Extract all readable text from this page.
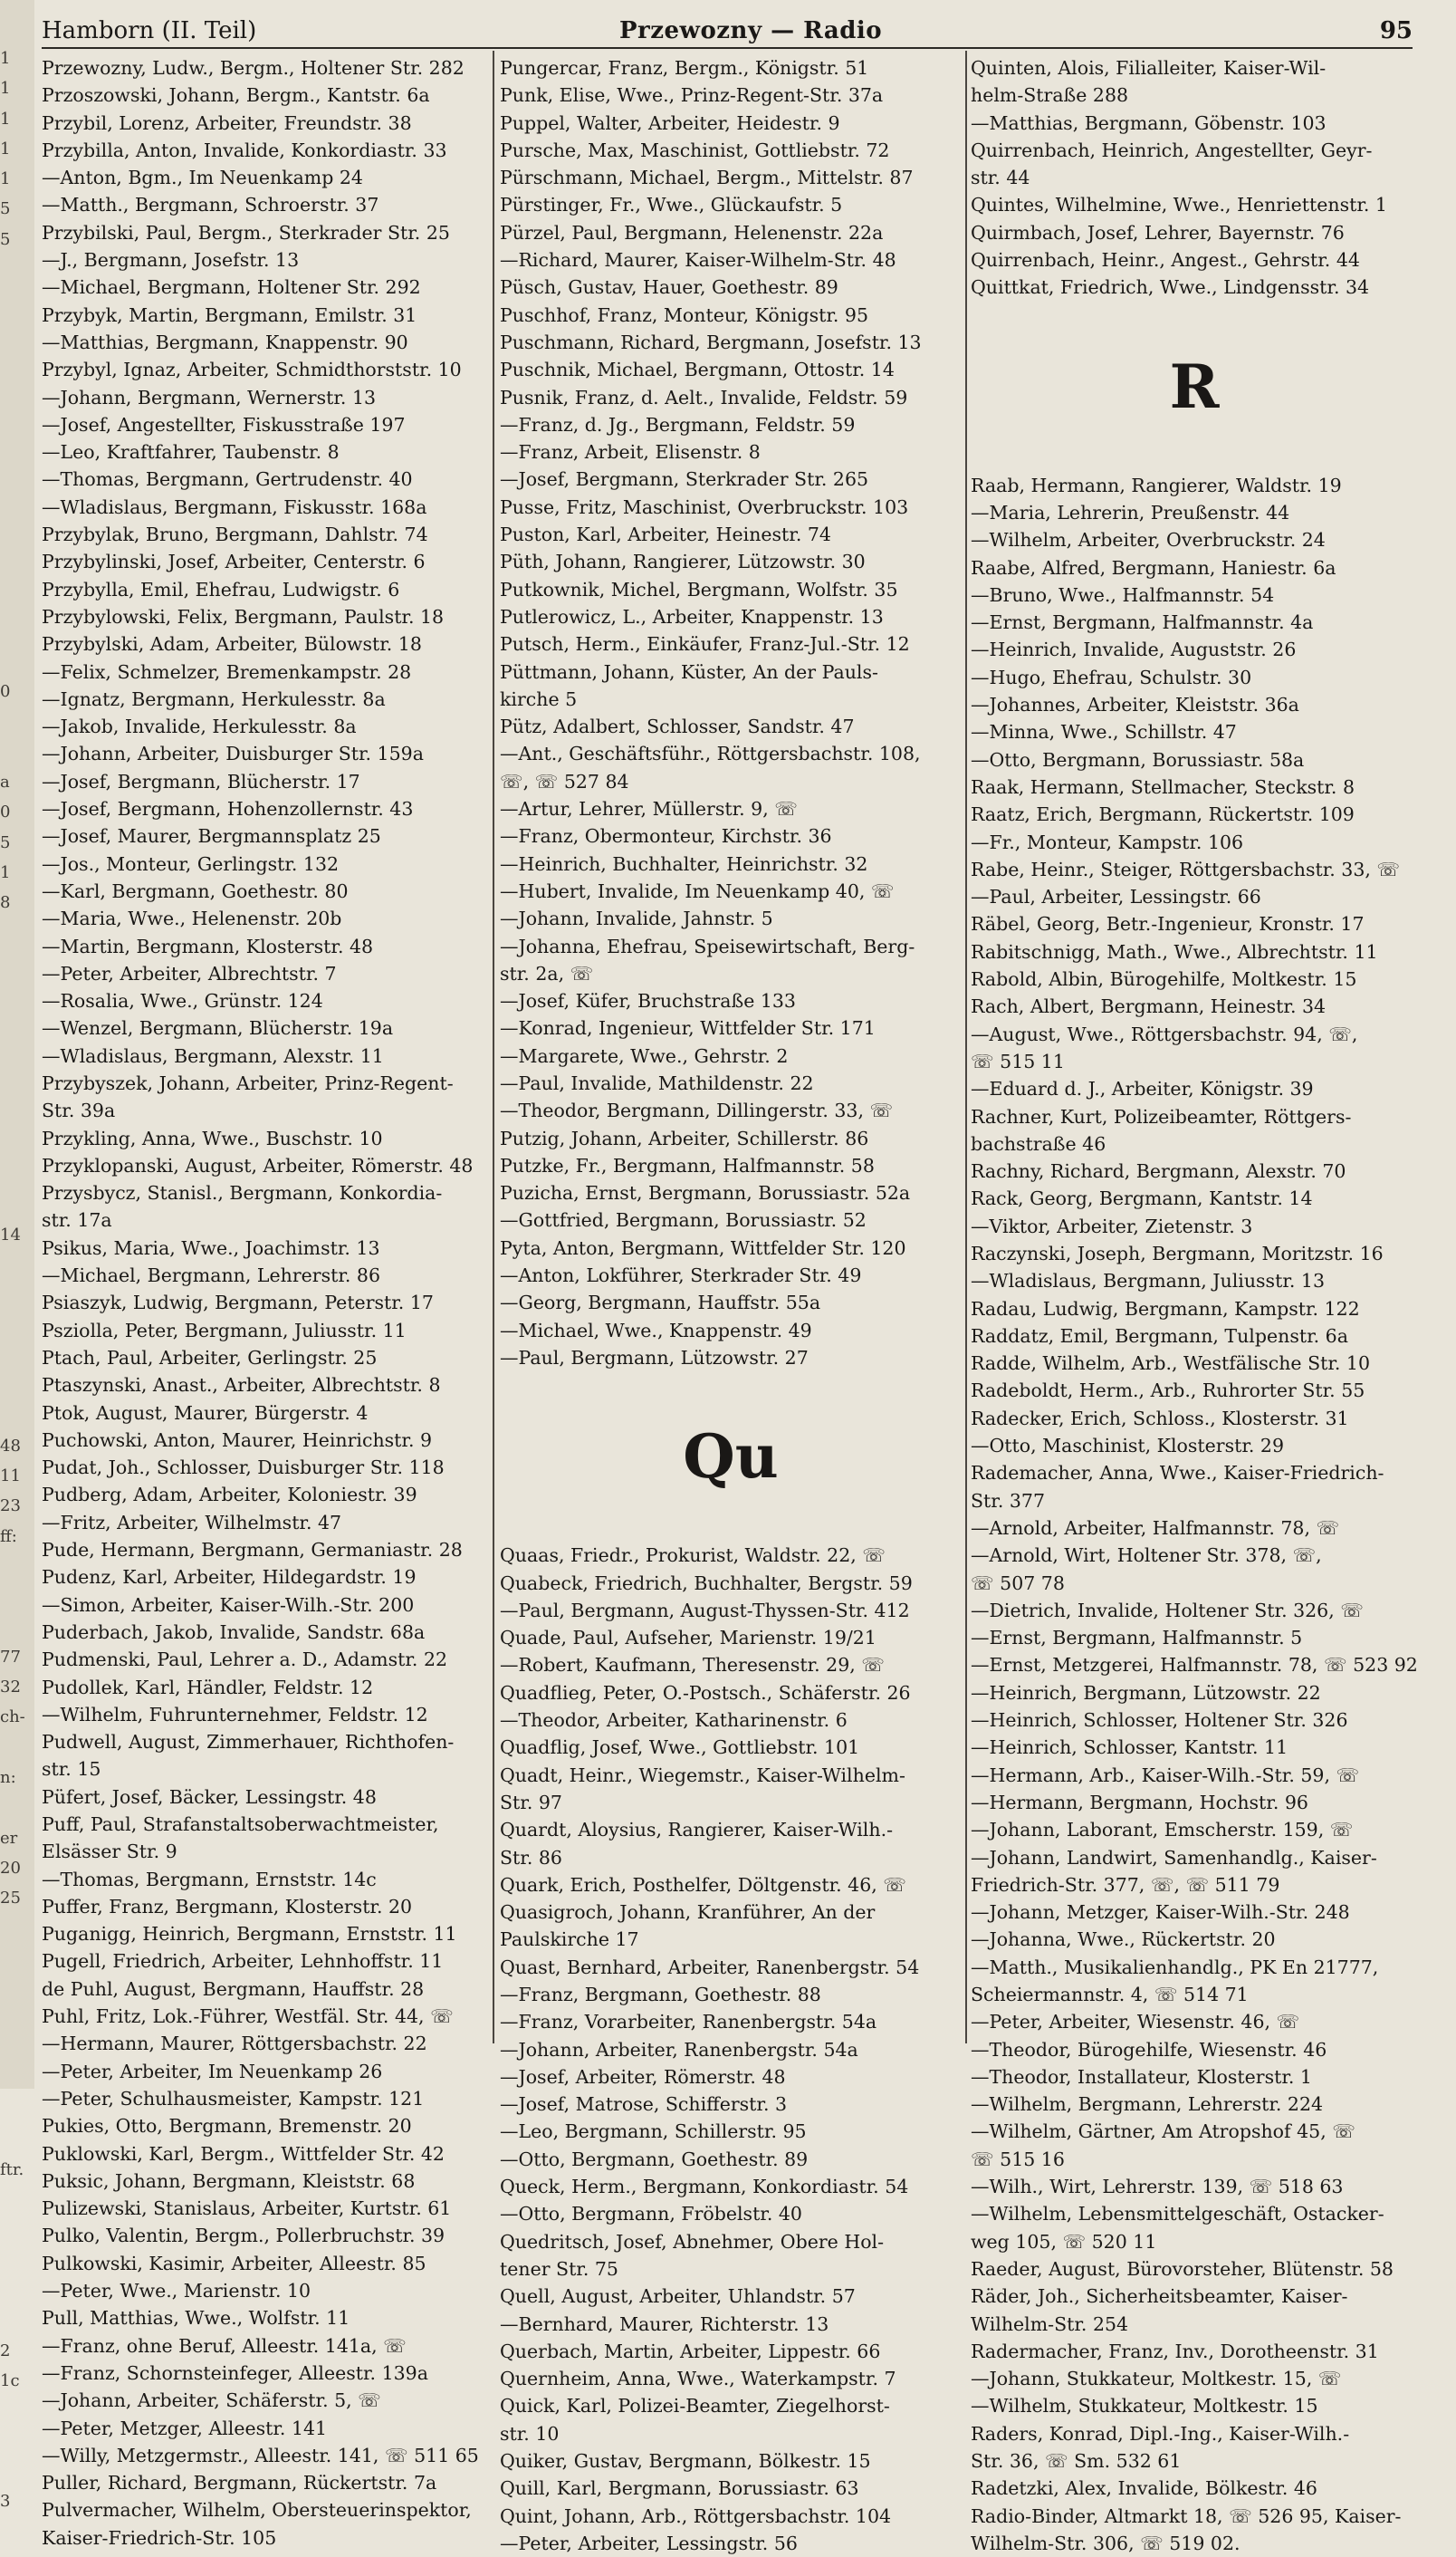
1
1
1
1
1
5
5
0
a
0
5
1
8
14
48
11
23
ff:
77
32
ch-
n:
er
20
25
ftr.
2
1c
3
Hamborn (II. Teil)	Przewozny — Radio	95
Przewozny, Ludw., Bergm., Holtener Str. 282
Przoszowski, Johann, Bergm., Kantstr. 6a
Przybil, Lorenz, Arbeiter, Freundstr. 38
Przybilla, Anton, Invalide, Konkordiastr. 33
—Anton, Bgm., Im Neuenkamp 24
—Matth., Bergmann, Schroerstr. 37
Przybilski, Paul, Bergm., Sterkrader Str. 25
—J., Bergmann, Josefstr. 13
—Michael, Bergmann, Holtener Str. 292
Przybyk, Martin, Bergmann, Emilstr. 31
—Matthias, Bergmann, Knappenstr. 90
Przybyl, Ignaz, Arbeiter, Schmidthorststr. 10
—Johann, Bergmann, Wernerstr. 13
—Josef, Angestellter, Fiskusstraße 197
—Leo, Kraftfahrer, Taubenstr. 8
—Thomas, Bergmann, Gertrudenstr. 40
—Wladislaus, Bergmann, Fiskusstr. 168a
Przybylak, Bruno, Bergmann, Dahlstr. 74
Przybylinski, Josef, Arbeiter, Centerstr. 6
Przybylla, Emil, Ehefrau, Ludwigstr. 6
Przybylowski, Felix, Bergmann, Paulstr. 18
Przybylski, Adam, Arbeiter, Bülowstr. 18
—Felix, Schmelzer, Bremenkampstr. 28
—Ignatz, Bergmann, Herkulesstr. 8a
—Jakob, Invalide, Herkulesstr. 8a
—Johann, Arbeiter, Duisburger Str. 159a
—Josef, Bergmann, Blücherstr. 17
—Josef, Bergmann, Hohenzollernstr. 43
—Josef, Maurer, Bergmannsplatz 25
—Jos., Monteur, Gerlingstr. 132
—Karl, Bergmann, Goethestr. 80
—Maria, Wwe., Helenenstr. 20b
—Martin, Bergmann, Klosterstr. 48
—Peter, Arbeiter, Albrechtstr. 7
—Rosalia, Wwe., Grünstr. 124
—Wenzel, Bergmann, Blücherstr. 19a
—Wladislaus, Bergmann, Alexstr. 11
Przybyszek, Johann, Arbeiter, Prinz-Regent-
Str. 39a
Przykling, Anna, Wwe., Buschstr. 10
Przyklopanski, August, Arbeiter, Römerstr. 48
Przysbycz, Stanisl., Bergmann, Konkordia-
str. 17a
Psikus, Maria, Wwe., Joachimstr. 13
—Michael, Bergmann, Lehrerstr. 86
Psiaszyk, Ludwig, Bergmann, Peterstr. 17
Psziolla, Peter, Bergmann, Juliusstr. 11
Ptach, Paul, Arbeiter, Gerlingstr. 25
Ptaszynski, Anast., Arbeiter, Albrechtstr. 8
Ptok, August, Maurer, Bürgerstr. 4
Puchowski, Anton, Maurer, Heinrichstr. 9
Pudat, Joh., Schlosser, Duisburger Str. 118
Pudberg, Adam, Arbeiter, Koloniestr. 39
—Fritz, Arbeiter, Wilhelmstr. 47
Pude, Hermann, Bergmann, Germaniastr. 28
Pudenz, Karl, Arbeiter, Hildegardstr. 19
—Simon, Arbeiter, Kaiser-Wilh.-Str. 200
Puderbach, Jakob, Invalide, Sandstr. 68a
Pudmenski, Paul, Lehrer a. D., Adamstr. 22
Pudollek, Karl, Händler, Feldstr. 12
—Wilhelm, Fuhrunternehmer, Feldstr. 12
Pudwell, August, Zimmerhauer, Richthofen-
str. 15
Püfert, Josef, Bäcker, Lessingstr. 48
Puff, Paul, Strafanstaltsoberwachtmeister,
Elsässer Str. 9
—Thomas, Bergmann, Ernststr. 14c
Puffer, Franz, Bergmann, Klosterstr. 20
Puganigg, Heinrich, Bergmann, Ernststr. 11
Pugell, Friedrich, Arbeiter, Lehnhoffstr. 11
de Puhl, August, Bergmann, Hauffstr. 28
Puhl, Fritz, Lok.-Führer, Westfäl. Str. 44, ☏
—Hermann, Maurer, Röttgersbachstr. 22
—Peter, Arbeiter, Im Neuenkamp 26
—Peter, Schulhausmeister, Kampstr. 121
Pukies, Otto, Bergmann, Bremenstr. 20
Puklowski, Karl, Bergm., Wittfelder Str. 42
Puksic, Johann, Bergmann, Kleiststr. 68
Pulizewski, Stanislaus, Arbeiter, Kurtstr. 61
Pulko, Valentin, Bergm., Pollerbruchstr. 39
Pulkowski, Kasimir, Arbeiter, Alleestr. 85
—Peter, Wwe., Marienstr. 10
Pull, Matthias, Wwe., Wolfstr. 11
—Franz, ohne Beruf, Alleestr. 141a, ☏
—Franz, Schornsteinfeger, Alleestr. 139a
—Johann, Arbeiter, Schäferstr. 5, ☏
—Peter, Metzger, Alleestr. 141
—Willy, Metzgermstr., Alleestr. 141, ☏ 511 65
Puller, Richard, Bergmann, Rückertstr. 7a
Pulvermacher, Wilhelm, Obersteuerinspektor,
Kaiser-Friedrich-Str. 105
Pungercar, Franz, Bergm., Königstr. 51
Punk, Elise, Wwe., Prinz-Regent-Str. 37a
Puppel, Walter, Arbeiter, Heidestr. 9
Pursche, Max, Maschinist, Gottliebstr. 72
Pürschmann, Michael, Bergm., Mittelstr. 87
Pürstinger, Fr., Wwe., Glückaufstr. 5
Pürzel, Paul, Bergmann, Helenenstr. 22a
—Richard, Maurer, Kaiser-Wilhelm-Str. 48
Püsch, Gustav, Hauer, Goethestr. 89
Puschhof, Franz, Monteur, Königstr. 95
Puschmann, Richard, Bergmann, Josefstr. 13
Puschnik, Michael, Bergmann, Ottostr. 14
Pusnik, Franz, d. Aelt., Invalide, Feldstr. 59
—Franz, d. Jg., Bergmann, Feldstr. 59
—Franz, Arbeit, Elisenstr. 8
—Josef, Bergmann, Sterkrader Str. 265
Pusse, Fritz, Maschinist, Overbruckstr. 103
Puston, Karl, Arbeiter, Heinestr. 74
Püth, Johann, Rangierer, Lützowstr. 30
Putkownik, Michel, Bergmann, Wolfstr. 35
Putlerowicz, L., Arbeiter, Knappenstr. 13
Putsch, Herm., Einkäufer, Franz-Jul.-Str. 12
Püttmann, Johann, Küster, An der Pauls-
kirche 5
Pütz, Adalbert, Schlosser, Sandstr. 47
—Ant., Geschäftsführ., Röttgersbachstr. 108,
☏, ☏ 527 84
—Artur, Lehrer, Müllerstr. 9, ☏
—Franz, Obermonteur, Kirchstr. 36
—Heinrich, Buchhalter, Heinrichstr. 32
—Hubert, Invalide, Im Neuenkamp 40, ☏
—Johann, Invalide, Jahnstr. 5
—Johanna, Ehefrau, Speisewirtschaft, Berg-
str. 2a, ☏
—Josef, Küfer, Bruchstraße 133
—Konrad, Ingenieur, Wittfelder Str. 171
—Margarete, Wwe., Gehrstr. 2
—Paul, Invalide, Mathildenstr. 22
—Theodor, Bergmann, Dillingerstr. 33, ☏
Putzig, Johann, Arbeiter, Schillerstr. 86
Putzke, Fr., Bergmann, Halfmannstr. 58
Puzicha, Ernst, Bergmann, Borussiastr. 52a
—Gottfried, Bergmann, Borussiastr. 52
Pyta, Anton, Bergmann, Wittfelder Str. 120
—Anton, Lokführer, Sterkrader Str. 49
—Georg, Bergmann, Hauffstr. 55a
—Michael, Wwe., Knappenstr. 49
—Paul, Bergmann, Lützowstr. 27
Qu
Quaas, Friedr., Prokurist, Waldstr. 22, ☏
Quabeck, Friedrich, Buchhalter, Bergstr. 59
—Paul, Bergmann, August-Thyssen-Str. 412
Quade, Paul, Aufseher, Marienstr. 19/21
—Robert, Kaufmann, Theresenstr. 29, ☏
Quadflieg, Peter, O.-Postsch., Schäferstr. 26
—Theodor, Arbeiter, Katharinenstr. 6
Quadflig, Josef, Wwe., Gottliebstr. 101
Quadt, Heinr., Wiegemstr., Kaiser-Wilhelm-
Str. 97
Quardt, Aloysius, Rangierer, Kaiser-Wilh.-
Str. 86
Quark, Erich, Posthelfer, Döltgenstr. 46, ☏
Quasigroch, Johann, Kranführer, An der
Paulskirche 17
Quast, Bernhard, Arbeiter, Ranenbergstr. 54
—Franz, Bergmann, Goethestr. 88
—Franz, Vorarbeiter, Ranenbergstr. 54a
—Johann, Arbeiter, Ranenbergstr. 54a
—Josef, Arbeiter, Römerstr. 48
—Josef, Matrose, Schifferstr. 3
—Leo, Bergmann, Schillerstr. 95
—Otto, Bergmann, Goethestr. 89
Queck, Herm., Bergmann, Konkordiastr. 54
—Otto, Bergmann, Fröbelstr. 40
Quedritsch, Josef, Abnehmer, Obere Hol-
tener Str. 75
Quell, August, Arbeiter, Uhlandstr. 57
—Bernhard, Maurer, Richterstr. 13
Querbach, Martin, Arbeiter, Lippestr. 66
Quernheim, Anna, Wwe., Waterkampstr. 7
Quick, Karl, Polizei-Beamter, Ziegelhorst-
str. 10
Quiker, Gustav, Bergmann, Bölkestr. 15
Quill, Karl, Bergmann, Borussiastr. 63
Quint, Johann, Arb., Röttgersbachstr. 104
—Peter, Arbeiter, Lessingstr. 56
Quinten, Alois, Filialleiter, Kaiser-Wil-
helm-Straße 288
—Matthias, Bergmann, Göbenstr. 103
Quirrenbach, Heinrich, Angestellter, Geyr-
str. 44
Quintes, Wilhelmine, Wwe., Henriettenstr. 1
Quirmbach, Josef, Lehrer, Bayernstr. 76
Quirrenbach, Heinr., Angest., Gehrstr. 44
Quittkat, Friedrich, Wwe., Lindgensstr. 34
R
Raab, Hermann, Rangierer, Waldstr. 19
—Maria, Lehrerin, Preußenstr. 44
—Wilhelm, Arbeiter, Overbruckstr. 24
Raabe, Alfred, Bergmann, Haniestr. 6a
—Bruno, Wwe., Halfmannstr. 54
—Ernst, Bergmann, Halfmannstr. 4a
—Heinrich, Invalide, Auguststr. 26
—Hugo, Ehefrau, Schulstr. 30
—Johannes, Arbeiter, Kleiststr. 36a
—Minna, Wwe., Schillstr. 47
—Otto, Bergmann, Borussiastr. 58a
Raak, Hermann, Stellmacher, Steckstr. 8
Raatz, Erich, Bergmann, Rückertstr. 109
—Fr., Monteur, Kampstr. 106
Rabe, Heinr., Steiger, Röttgersbachstr. 33, ☏
—Paul, Arbeiter, Lessingstr. 66
Räbel, Georg, Betr.-Ingenieur, Kronstr. 17
Rabitschnigg, Math., Wwe., Albrechtstr. 11
Rabold, Albin, Bürogehilfe, Moltkestr. 15
Rach, Albert, Bergmann, Heinestr. 34
—August, Wwe., Röttgersbachstr. 94, ☏,
☏ 515 11
—Eduard d. J., Arbeiter, Königstr. 39
Rachner, Kurt, Polizeibeamter, Röttgers-
bachstraße 46
Rachny, Richard, Bergmann, Alexstr. 70
Rack, Georg, Bergmann, Kantstr. 14
—Viktor, Arbeiter, Zietenstr. 3
Raczynski, Joseph, Bergmann, Moritzstr. 16
—Wladislaus, Bergmann, Juliusstr. 13
Radau, Ludwig, Bergmann, Kampstr. 122
Raddatz, Emil, Bergmann, Tulpenstr. 6a
Radde, Wilhelm, Arb., Westfälische Str. 10
Radeboldt, Herm., Arb., Ruhrorter Str. 55
Radecker, Erich, Schloss., Klosterstr. 31
—Otto, Maschinist, Klosterstr. 29
Rademacher, Anna, Wwe., Kaiser-Friedrich-
Str. 377
—Arnold, Arbeiter, Halfmannstr. 78, ☏
—Arnold, Wirt, Holtener Str. 378, ☏,
☏ 507 78
—Dietrich, Invalide, Holtener Str. 326, ☏
—Ernst, Bergmann, Halfmannstr. 5
—Ernst, Metzgerei, Halfmannstr. 78, ☏ 523 92
—Heinrich, Bergmann, Lützowstr. 22
—Heinrich, Schlosser, Holtener Str. 326
—Heinrich, Schlosser, Kantstr. 11
—Hermann, Arb., Kaiser-Wilh.-Str. 59, ☏
—Hermann, Bergmann, Hochstr. 96
—Johann, Laborant, Emscherstr. 159, ☏
—Johann, Landwirt, Samenhandlg., Kaiser-
Friedrich-Str. 377, ☏, ☏ 511 79
—Johann, Metzger, Kaiser-Wilh.-Str. 248
—Johanna, Wwe., Rückertstr. 20
—Matth., Musikalienhandlg., PK En 21777,
Scheiermannstr. 4, ☏ 514 71
—Peter, Arbeiter, Wiesenstr. 46, ☏
—Theodor, Bürogehilfe, Wiesenstr. 46
—Theodor, Installateur, Klosterstr. 1
—Wilhelm, Bergmann, Lehrerstr. 224
—Wilhelm, Gärtner, Am Atropshof 45, ☏
☏ 515 16
—Wilh., Wirt, Lehrerstr. 139, ☏ 518 63
—Wilhelm, Lebensmittelgeschäft, Ostacker-
weg 105, ☏ 520 11
Raeder, August, Bürovorsteher, Blütenstr. 58
Räder, Joh., Sicherheitsbeamter, Kaiser-
Wilhelm-Str. 254
Radermacher, Franz, Inv., Dorotheenstr. 31
—Johann, Stukkateur, Moltkestr. 15, ☏
—Wilhelm, Stukkateur, Moltkestr. 15
Raders, Konrad, Dipl.-Ing., Kaiser-Wilh.-
Str. 36, ☏ Sm. 532 61
Radetzki, Alex, Invalide, Bölkestr. 46
Radio-Binder, Altmarkt 18, ☏ 526 95, Kaiser-
Wilhelm-Str. 306, ☏ 519 02.
